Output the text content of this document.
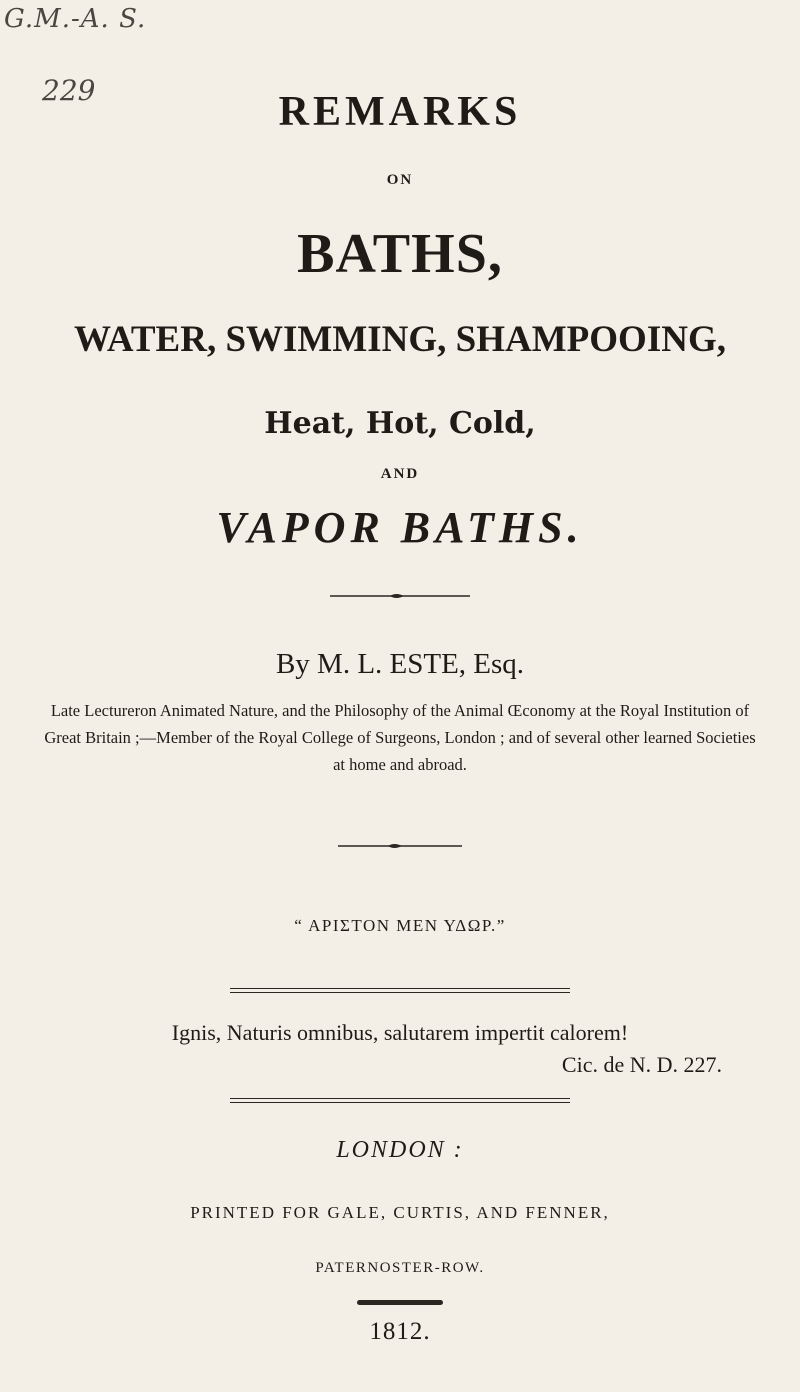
G.M.-A. S.
229	REMARKS
ON
BATHS,
WATER, SWIMMING, SHAMPOOING,
Heat, Hot, Cold,
AND
VAPOR BATHS.
By M. L. ESTE, Esq.
Late Lectureron Animated Nature, and the Philosophy of the Animal Œconomy at the Royal Institution of Great Britain ;—Member of the Royal College of Surgeons, London ; and of several other learned Societies at home and abroad.
“ ΑΡΙΣΤΟΝ ΜΕΝ ΥΔΩΡ.”
Ignis, Naturis omnibus, salutarem impertit calorem!
Cic. de N. D. 227.
LONDON :
PRINTED FOR GALE, CURTIS, AND FENNER,
PATERNOSTER-ROW.
1812.
